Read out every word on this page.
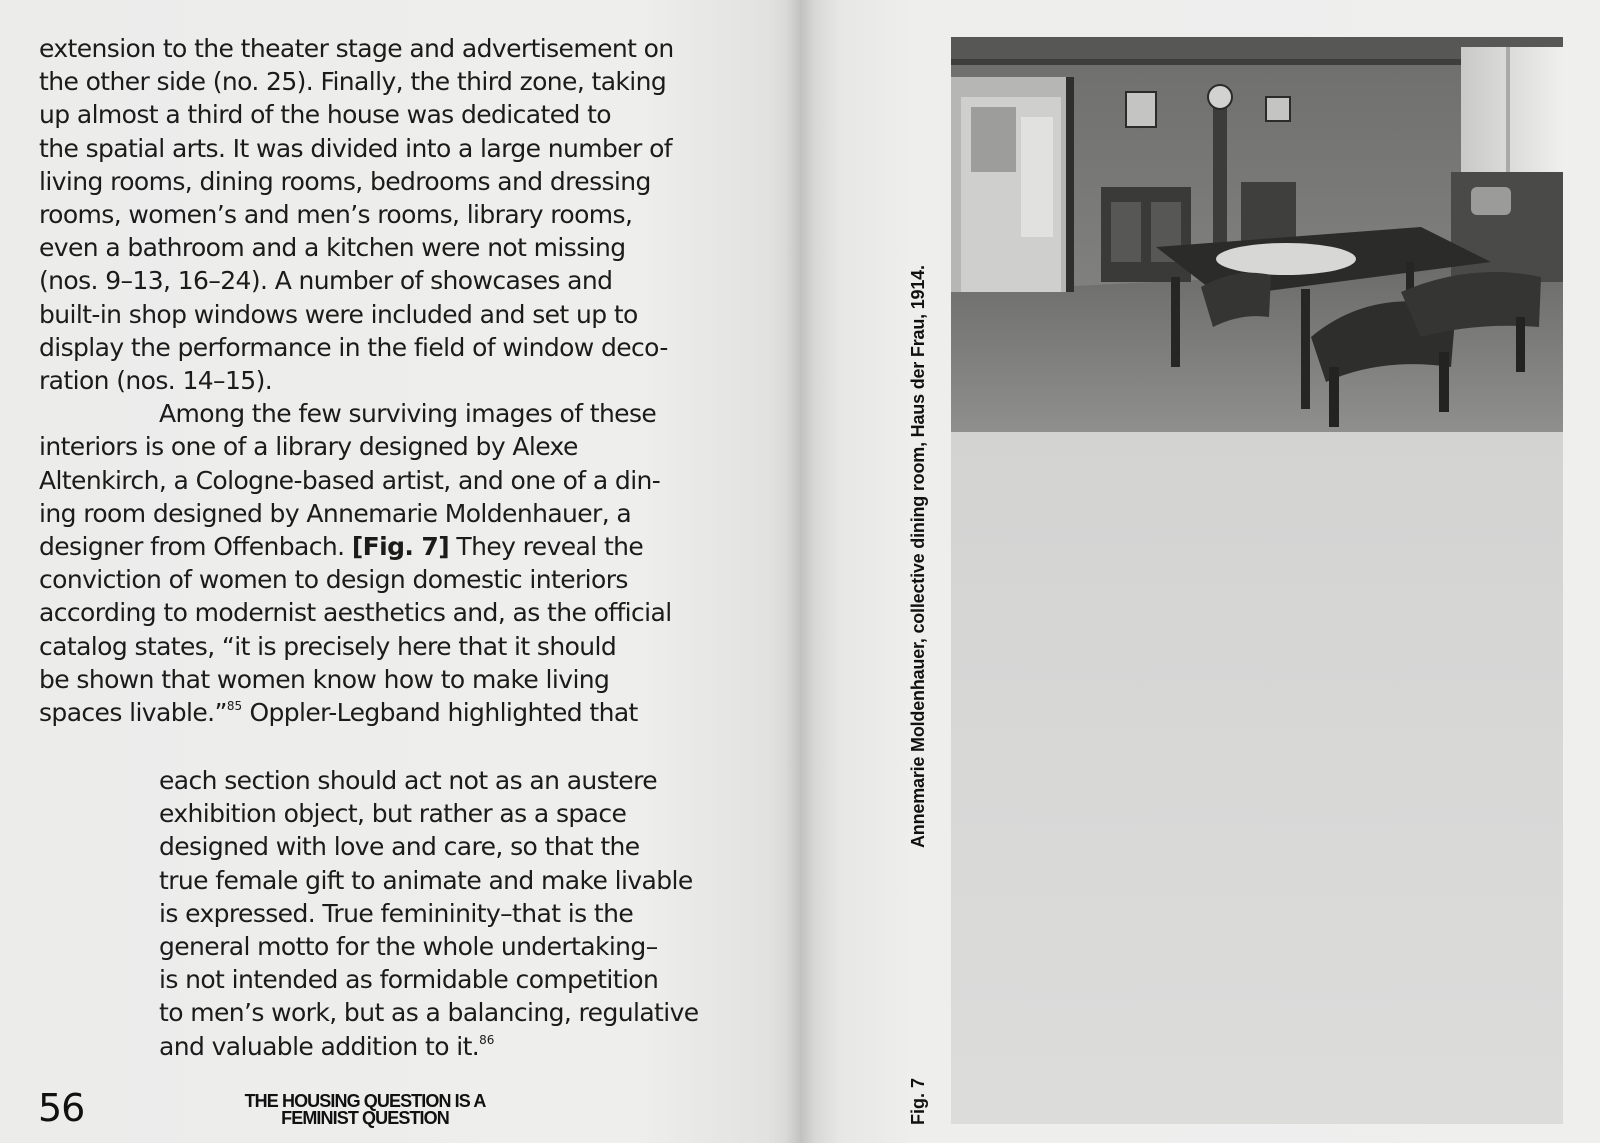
extension to the theater stage and advertisement on
the other side (no. 25). Finally, the third zone, taking
up almost a third of the house was dedicated to
the spatial arts. It was divided into a large number of
living rooms, dining rooms, bedrooms and dressing
rooms, women’s and men’s rooms, library rooms,
even a bathroom and a kitchen were not missing
(nos. 9–13, 16–24). A number of showcases and
built-in shop windows were included and set up to
display the performance in the field of window deco-
ration (nos. 14–15).
Among the few surviving images of these
interiors is one of a library designed by Alexe
Altenkirch, a Cologne-based artist, and one of a din-
ing room designed by Annemarie Moldenhauer, a
designer from Offenbach. [Fig. 7] They reveal the
conviction of women to design domestic interiors
according to modernist aesthetics and, as the official
catalog states, “it is precisely here that it should
be shown that women know how to make living
spaces livable.”$^{85}$ Oppler-Legband highlighted that
each section should act not as an austere
exhibition object, but rather as a space
designed with love and care, so that the
true female gift to animate and make livable
is expressed. True femininity–that is the
general motto for the whole undertaking–
is not intended as formidable competition
to men’s work, but as a balancing, regulative
and valuable addition to it.$^{86}$
56	THE HOUSING QUESTION IS A
FEMINIST QUESTION
Annemarie Moldenhauer, collective dining room, Haus der Frau, 1914.
Fig. 7
